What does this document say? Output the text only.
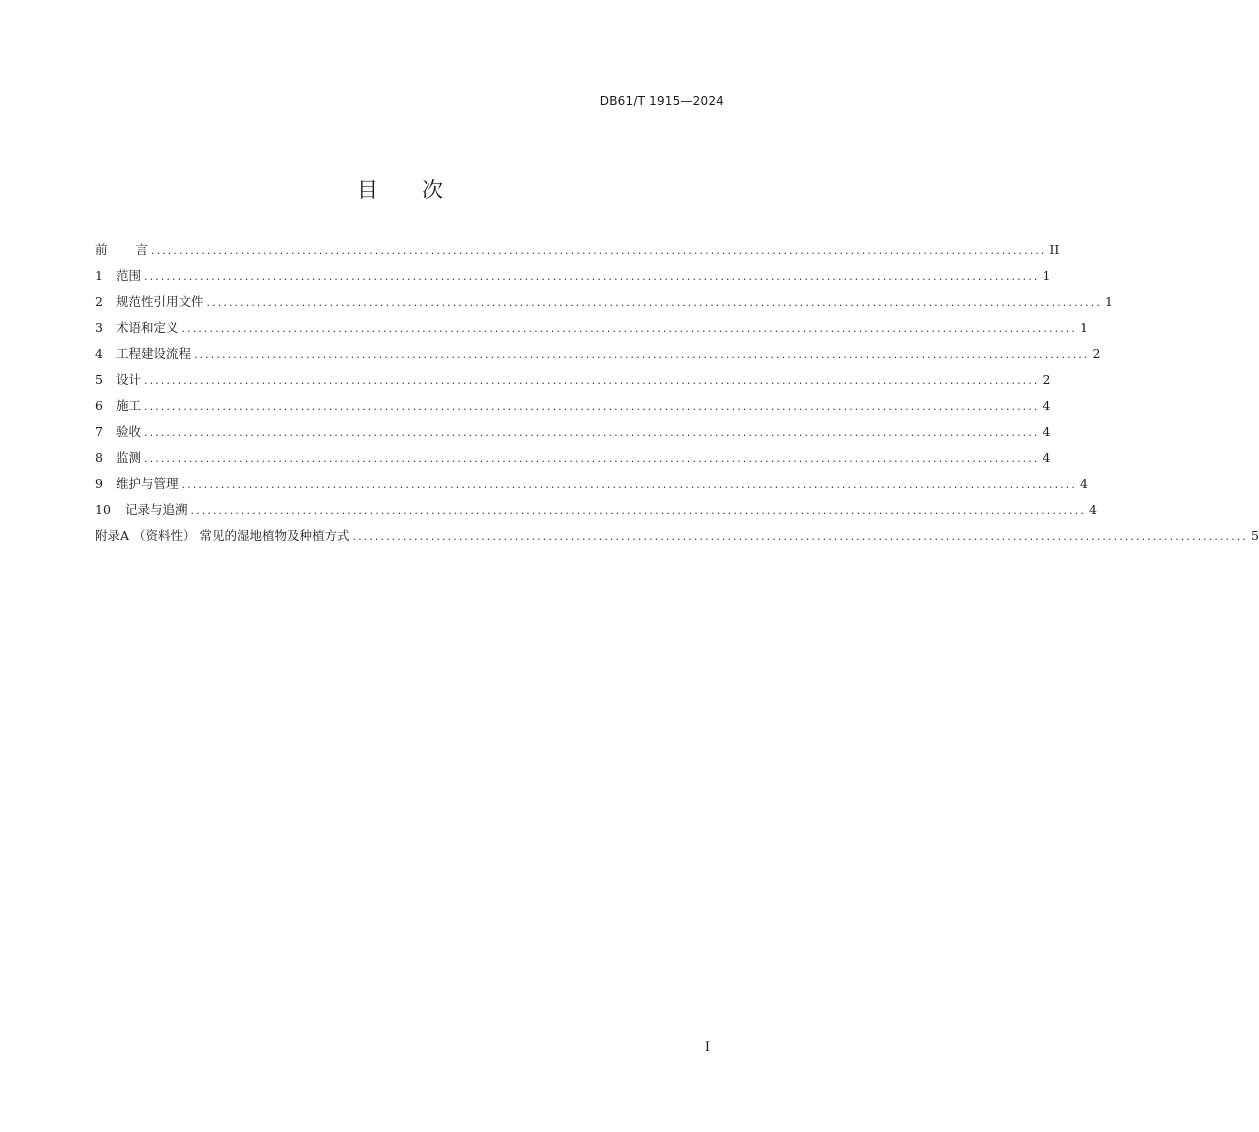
DB61/T 1915—2024
目次
前言 ................................................................................................................................................................ II
1	范围 ................................................................................................................................................................ 1
2	规范性引用文件 ................................................................................................................................................................ 1
3	术语和定义 ................................................................................................................................................................ 1
4	工程建设流程 ................................................................................................................................................................ 2
5	设计 ................................................................................................................................................................ 2
6	施工 ................................................................................................................................................................ 4
7	验收 ................................................................................................................................................................ 4
8	监测 ................................................................................................................................................................ 4
9	维护与管理 ................................................................................................................................................................ 4
10	记录与追溯 ................................................................................................................................................................ 4
附录A （资料性） 常见的湿地植物及种植方式 ................................................................................................................................................................ 5
I
